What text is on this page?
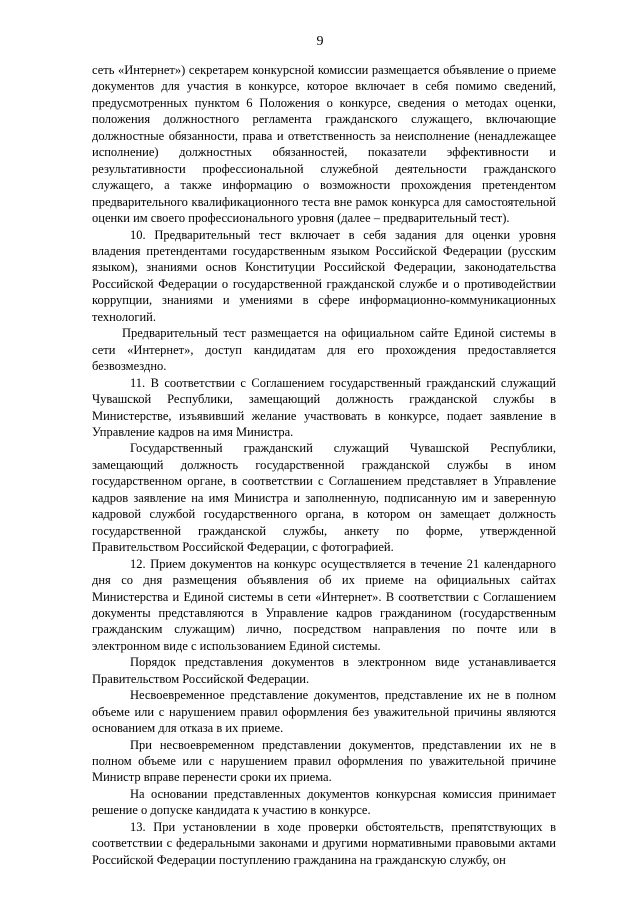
9

сеть «Интернет») секретарем конкурсной комиссии размещается объявление о приеме документов для участия в конкурсе, которое включает в себя помимо сведений, предусмотренных пунктом 6 Положения о конкурсе, сведения о методах оценки, положения должностного регламента гражданского служащего, включающие должностные обязанности, права и ответственность за неисполнение (ненадлежащее исполнение) должностных обязанностей, показатели эффективности и результативности профессиональной служебной деятельности гражданского служащего, а также информацию о возможности прохождения претендентом предварительного квалификационного теста вне рамок конкурса для самостоятельной оценки им своего профессионального уровня (далее – предварительный тест).

10. Предварительный тест включает в себя задания для оценки уровня владения претендентами государственным языком Российской Федерации (русским языком), знаниями основ Конституции Российской Федерации, законодательства Российской Федерации о государственной гражданской службе и о противодействии коррупции, знаниями и умениями в сфере информационно-коммуникационных технологий.

Предварительный тест размещается на официальном сайте Единой системы в сети «Интернет», доступ кандидатам для его прохождения предоставляется безвозмездно.

11. В соответствии с Соглашением государственный гражданский служащий Чувашской Республики, замещающий должность гражданской службы в Министерстве, изъявивший желание участвовать в конкурсе, подает заявление в Управление кадров на имя Министра.

Государственный гражданский служащий Чувашской Республики, замещающий должность государственной гражданской службы в ином государственном органе, в соответствии с Соглашением представляет в Управление кадров заявление на имя Министра и заполненную, подписанную им и заверенную кадровой службой государственного органа, в котором он замещает должность государственной гражданской службы, анкету по форме, утвержденной Правительством Российской Федерации, с фотографией.

12. Прием документов на конкурс осуществляется в течение 21 календарного дня со дня размещения объявления об их приеме на официальных сайтах Министерства и Единой системы в сети «Интернет». В соответствии с Соглашением документы представляются в Управление кадров гражданином (государственным гражданским служащим) лично, посредством направления по почте или в электронном виде с использованием Единой системы.

Порядок представления документов в электронном виде устанавливается Правительством Российской Федерации.

Несвоевременное представление документов, представление их не в полном объеме или с нарушением правил оформления без уважительной причины являются основанием для отказа в их приеме.

При несвоевременном представлении документов, представлении их не в полном объеме или с нарушением правил оформления по уважительной причине Министр вправе перенести сроки их приема.

На основании представленных документов конкурсная комиссия принимает решение о допуске кандидата к участию в конкурсе.

13. При установлении в ходе проверки обстоятельств, препятствующих в соответствии с федеральными законами и другими нормативными правовыми актами Российской Федерации поступлению гражданина на гражданскую службу, он
